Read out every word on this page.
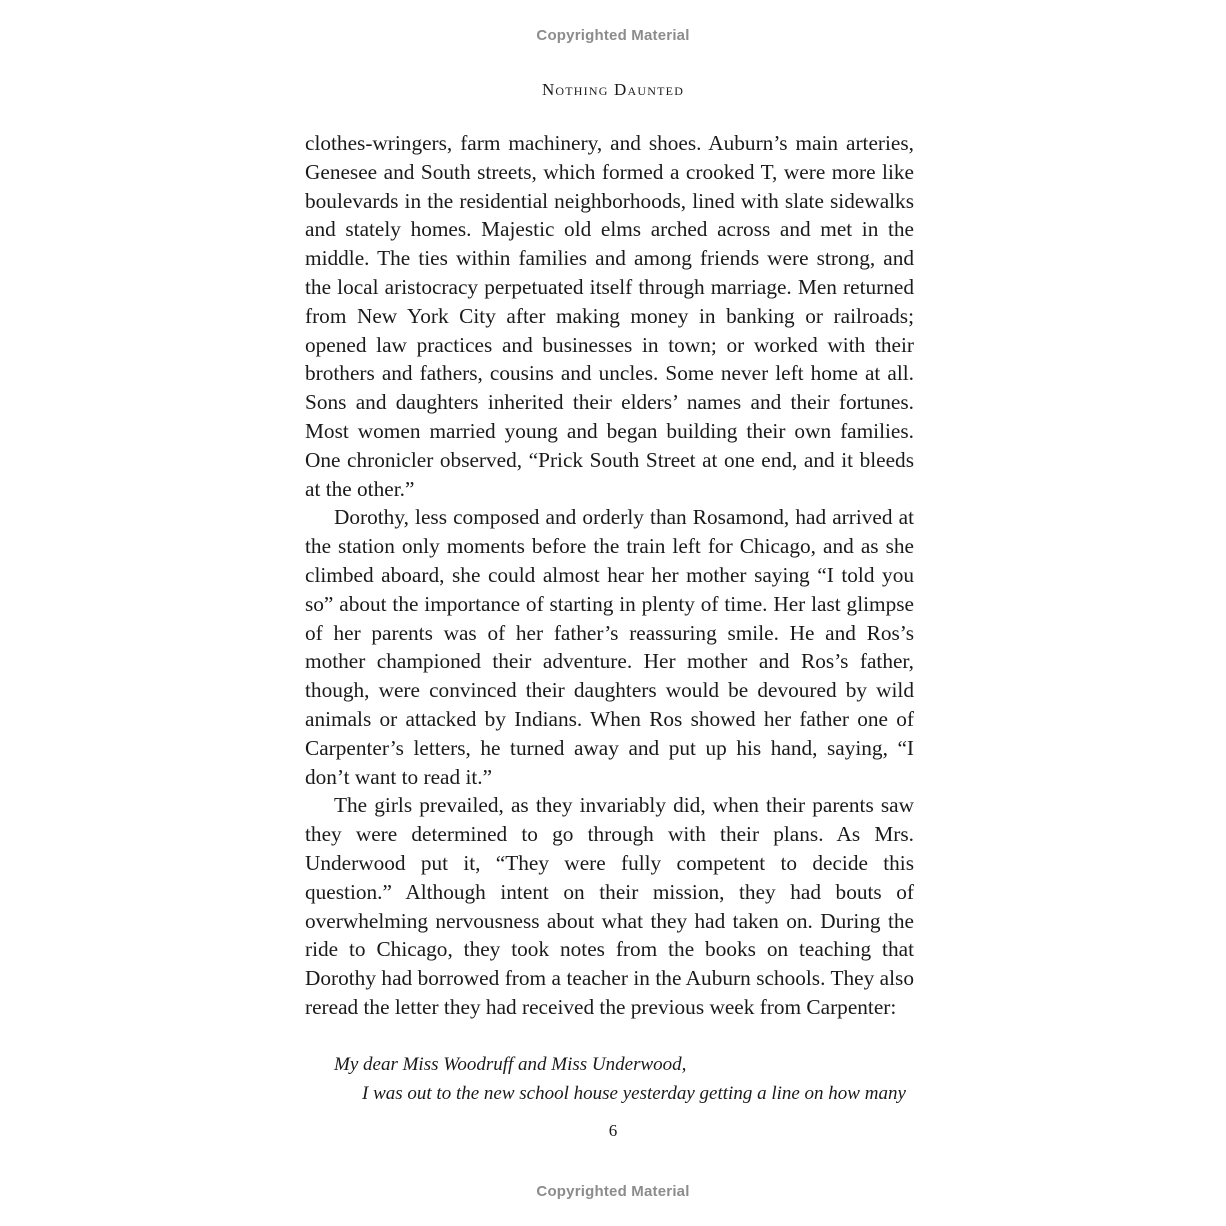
Copyrighted Material
Nothing Daunted

clothes-wringers, farm machinery, and shoes. Auburn’s main arteries, Genesee and South streets, which formed a crooked T, were more like boulevards in the residential neighborhoods, lined with slate sidewalks and stately homes. Majestic old elms arched across and met in the middle. The ties within families and among friends were strong, and the local aristocracy perpetuated itself through marriage. Men returned from New York City after making money in banking or railroads; opened law practices and businesses in town; or worked with their brothers and fathers, cousins and uncles. Some never left home at all. Sons and daughters inherited their elders’ names and their fortunes. Most women married young and began building their own families. One chronicler observed, “Prick South Street at one end, and it bleeds at the other.”

Dorothy, less composed and orderly than Rosamond, had arrived at the station only moments before the train left for Chicago, and as she climbed aboard, she could almost hear her mother saying “I told you so” about the importance of starting in plenty of time. Her last glimpse of her parents was of her father’s reassuring smile. He and Ros’s mother championed their adventure. Her mother and Ros’s father, though, were convinced their daughters would be devoured by wild animals or attacked by Indians. When Ros showed her father one of Carpenter’s letters, he turned away and put up his hand, saying, “I don’t want to read it.”

The girls prevailed, as they invariably did, when their parents saw they were determined to go through with their plans. As Mrs. Underwood put it, “They were fully competent to decide this question.” Although intent on their mission, they had bouts of overwhelming nervousness about what they had taken on. During the ride to Chicago, they took notes from the books on teaching that Dorothy had borrowed from a teacher in the Auburn schools. They also reread the letter they had received the previous week from Carpenter:

My dear Miss Woodruff and Miss Underwood,

I was out to the new school house yesterday getting a line on how many

6
Copyrighted Material
